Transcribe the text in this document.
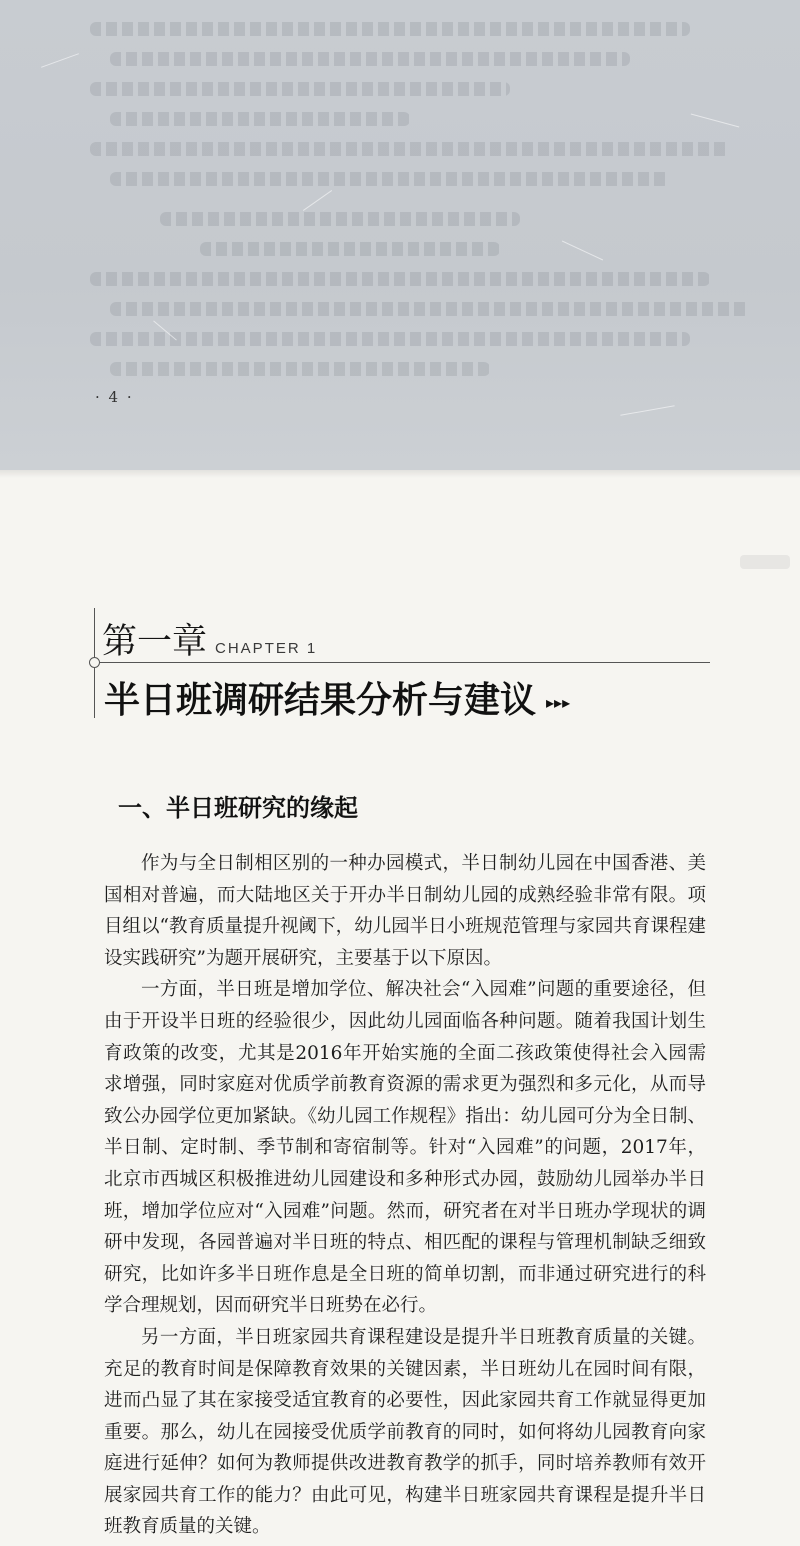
· 4 ·
第一章 CHAPTER 1
半日班调研结果分析与建议 ▸▸▸
一、半日班研究的缘起

作为与全日制相区别的一种办园模式，半日制幼儿园在中国香港、美国相对普遍，而大陆地区关于开办半日制幼儿园的成熟经验非常有限。项目组以“教育质量提升视阈下，幼儿园半日小班规范管理与家园共育课程建设实践研究”为题开展研究，主要基于以下原因。

一方面，半日班是增加学位、解决社会“入园难”问题的重要途径，但由于开设半日班的经验很少，因此幼儿园面临各种问题。随着我国计划生育政策的改变，尤其是2016年开始实施的全面二孩政策使得社会入园需求增强，同时家庭对优质学前教育资源的需求更为强烈和多元化，从而导致公办园学位更加紧缺。《幼儿园工作规程》指出：幼儿园可分为全日制、半日制、定时制、季节制和寄宿制等。针对“入园难”的问题，2017年，北京市西城区积极推进幼儿园建设和多种形式办园，鼓励幼儿园举办半日班，增加学位应对“入园难”问题。然而，研究者在对半日班办学现状的调研中发现，各园普遍对半日班的特点、相匹配的课程与管理机制缺乏细致研究，比如许多半日班作息是全日班的简单切割，而非通过研究进行的科学合理规划，因而研究半日班势在必行。

另一方面，半日班家园共育课程建设是提升半日班教育质量的关键。充足的教育时间是保障教育效果的关键因素，半日班幼儿在园时间有限，进而凸显了其在家接受适宜教育的必要性，因此家园共育工作就显得更加重要。那么，幼儿在园接受优质学前教育的同时，如何将幼儿园教育向家庭进行延伸？如何为教师提供改进教育教学的抓手，同时培养教师有效开展家园共育工作的能力？由此可见，构建半日班家园共育课程是提升半日班教育质量的关键。
